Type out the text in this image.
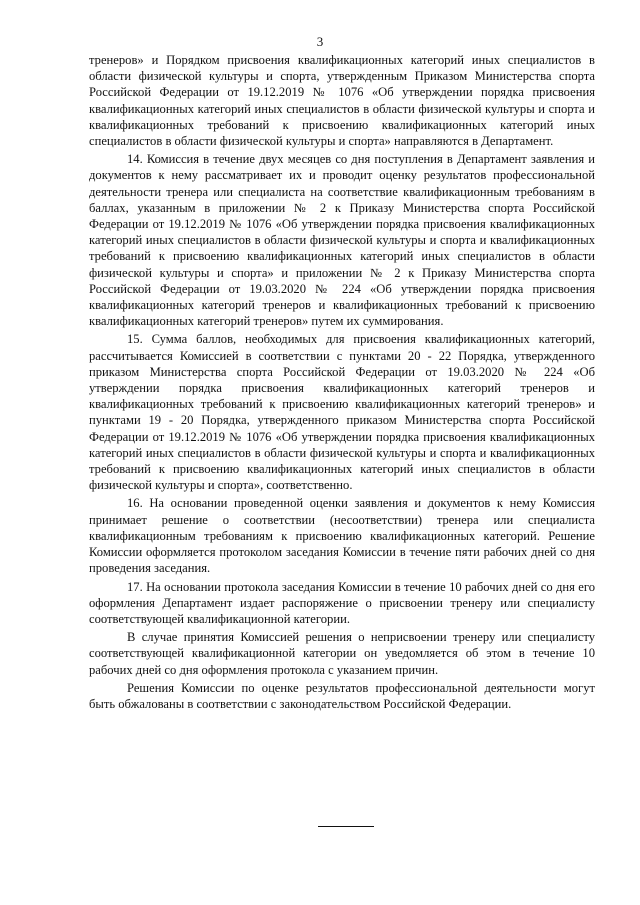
3

тренеров» и Порядком присвоения квалификационных категорий иных специалистов в области физической культуры и спорта, утвержденным Приказом Министерства спорта Российской Федерации от 19.12.2019 № 1076 «Об утверждении порядка присвоения квалификационных категорий иных специалистов в области физической культуры и спорта и квалификационных требований к присвоению квалификационных категорий иных специалистов в области физической культуры и спорта» направляются в Департамент.

14. Комиссия в течение двух месяцев со дня поступления в Департамент заявления и документов к нему рассматривает их и проводит оценку результатов профессиональной деятельности тренера или специалиста на соответствие квалификационным требованиям в баллах, указанным в приложении № 2 к Приказу Министерства спорта Российской Федерации от 19.12.2019 № 1076 «Об утверждении порядка присвоения квалификационных категорий иных специалистов в области физической культуры и спорта и квалификационных требований к присвоению квалификационных категорий иных специалистов в области физической культуры и спорта» и приложении № 2 к Приказу Министерства спорта Российской Федерации от 19.03.2020 № 224 «Об утверждении порядка присвоения квалификационных категорий тренеров и квалификационных требований к присвоению квалификационных категорий тренеров» путем их суммирования.

15. Сумма баллов, необходимых для присвоения квалификационных категорий, рассчитывается Комиссией в соответствии с пунктами 20 - 22 Порядка, утвержденного приказом Министерства спорта Российской Федерации от 19.03.2020 № 224 «Об утверждении порядка присвоения квалификационных категорий тренеров и квалификационных требований к присвоению квалификационных категорий тренеров» и пунктами 19 - 20 Порядка, утвержденного приказом Министерства спорта Российской Федерации от 19.12.2019 № 1076 «Об утверждении порядка присвоения квалификационных категорий иных специалистов в области физической культуры и спорта и квалификационных требований к присвоению квалификационных категорий иных специалистов в области физической культуры и спорта», соответственно.

16. На основании проведенной оценки заявления и документов к нему Комиссия принимает решение о соответствии (несоответствии) тренера или специалиста квалификационным требованиям к присвоению квалификационных категорий. Решение Комиссии оформляется протоколом заседания Комиссии в течение пяти рабочих дней со дня проведения заседания.

17. На основании протокола заседания Комиссии в течение 10 рабочих дней со дня его оформления Департамент издает распоряжение о присвоении тренеру или специалисту соответствующей квалификационной категории.

В случае принятия Комиссией решения о неприсвоении тренеру или специалисту соответствующей квалификационной категории он уведомляется об этом в течение 10 рабочих дней со дня оформления протокола с указанием причин.

Решения Комиссии по оценке результатов профессиональной деятельности могут быть обжалованы в соответствии с законодательством Российской Федерации.
